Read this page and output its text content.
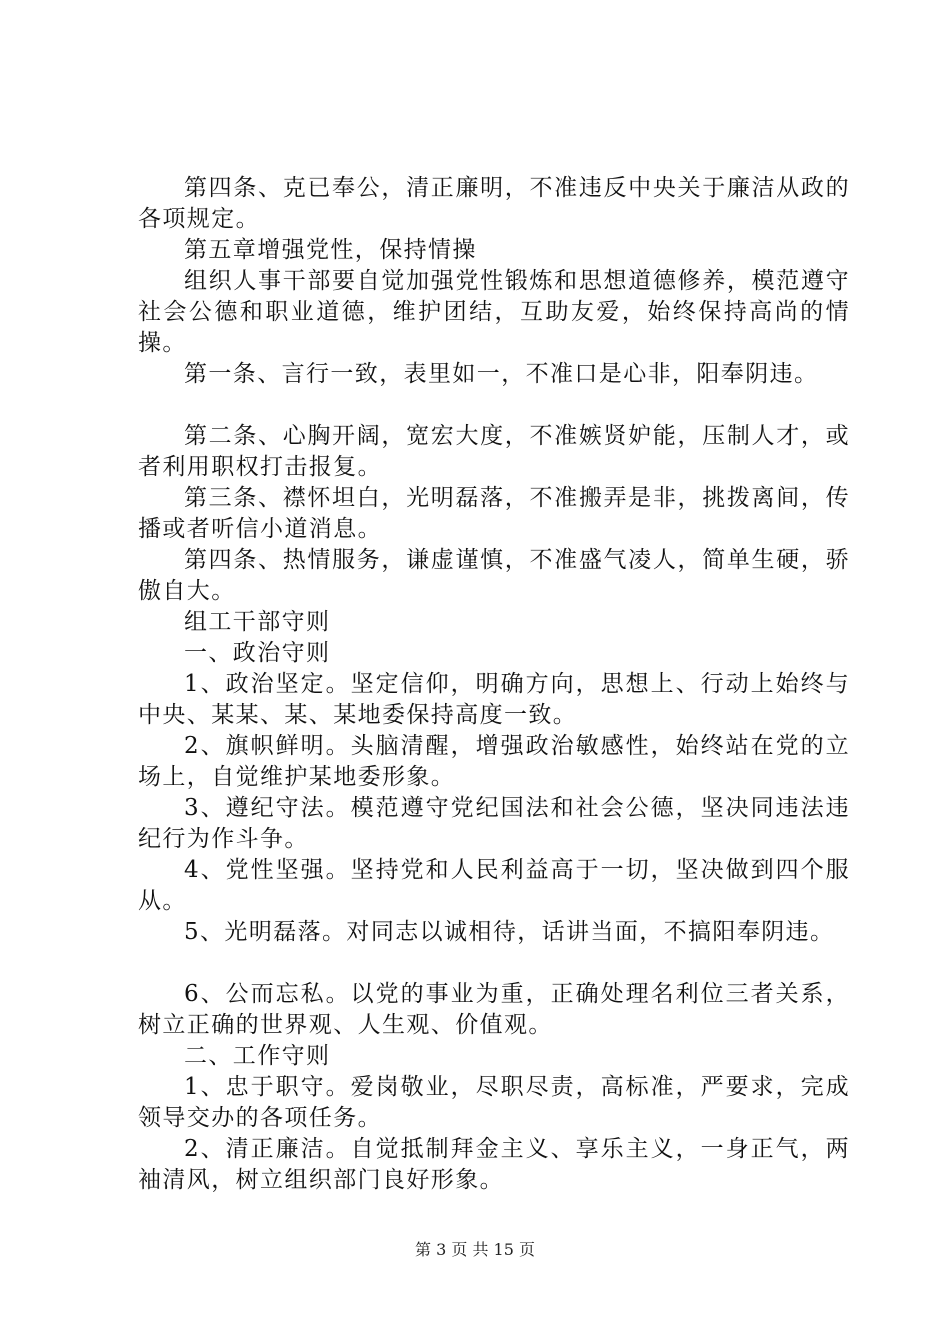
第四条、克已奉公，清正廉明，不准违反中央关于廉洁从政的各项规定。

第五章增强党性，保持情操

组织人事干部要自觉加强党性锻炼和思想道德修养，模范遵守社会公德和职业道德，维护团结，互助友爱，始终保持高尚的情操。

第一条、言行一致，表里如一，不准口是心非，阳奉阴违。

第二条、心胸开阔，宽宏大度，不准嫉贤妒能，压制人才，或者利用职权打击报复。

第三条、襟怀坦白，光明磊落，不准搬弄是非，挑拨离间，传播或者听信小道消息。

第四条、热情服务，谦虚谨慎，不准盛气凌人，简单生硬，骄傲自大。

组工干部守则

一、政治守则

1、政治坚定。坚定信仰，明确方向，思想上、行动上始终与中央、某某、某、某地委保持高度一致。

2、旗帜鲜明。头脑清醒，增强政治敏感性，始终站在党的立场上，自觉维护某地委形象。

3、遵纪守法。模范遵守党纪国法和社会公德，坚决同违法违纪行为作斗争。

4、党性坚强。坚持党和人民利益高于一切，坚决做到四个服从。

5、光明磊落。对同志以诚相待，话讲当面，不搞阳奉阴违。

6、公而忘私。以党的事业为重，正确处理名利位三者关系，树立正确的世界观、人生观、价值观。

二、工作守则

1、忠于职守。爱岗敬业，尽职尽责，高标准，严要求，完成领导交办的各项任务。

2、清正廉洁。自觉抵制拜金主义、享乐主义，一身正气，两袖清风，树立组织部门良好形象。

第 3 页 共 15 页
